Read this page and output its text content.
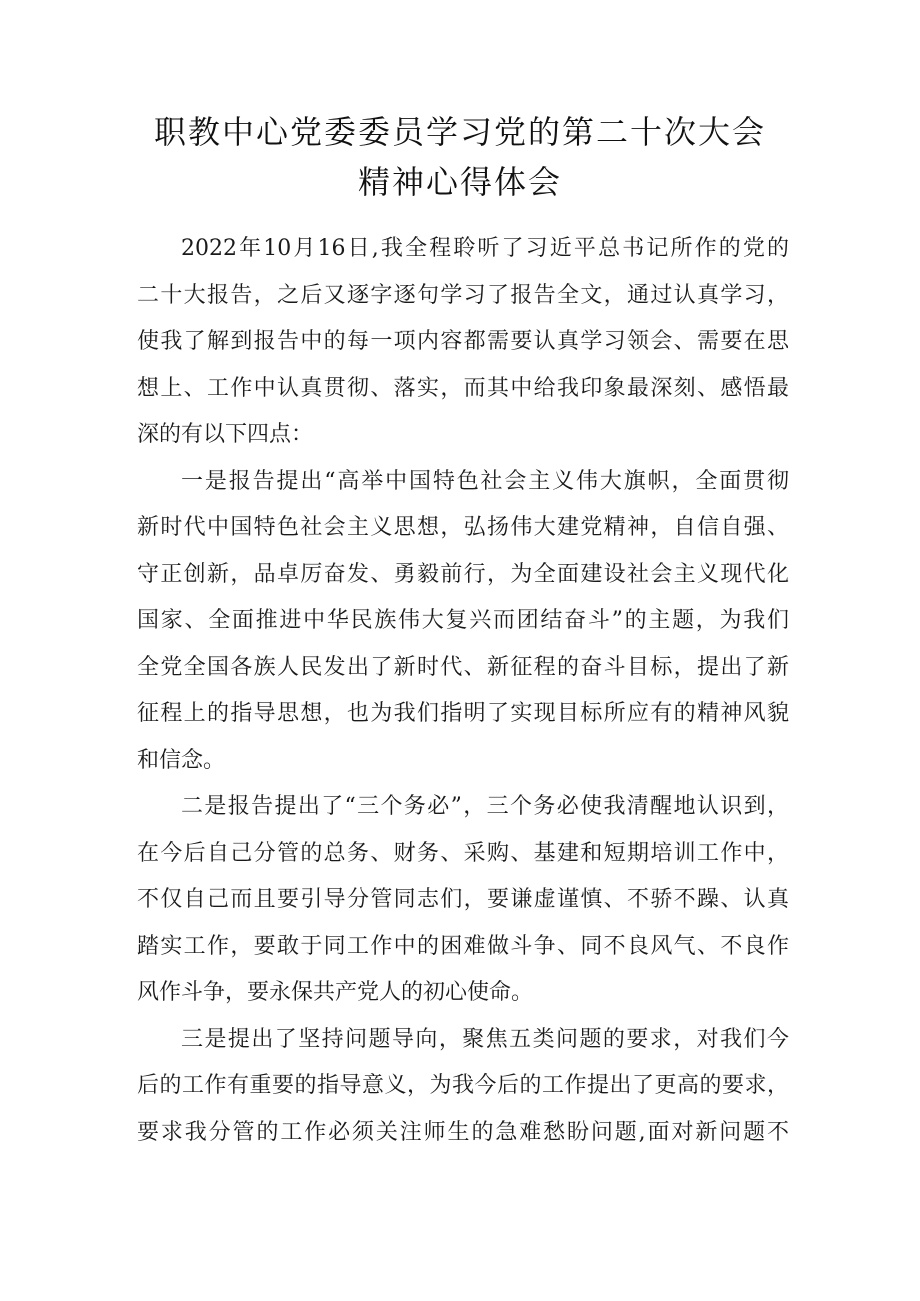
职教中心党委委员学习党的第二十次大会
精神心得体会
2022年10月16日,我全程聆听了习近平总书记所作的党的
二十大报告，之后又逐字逐句学习了报告全文，通过认真学习，
使我了解到报告中的每一项内容都需要认真学习领会、需要在思
想上、工作中认真贯彻、落实，而其中给我印象最深刻、感悟最
深的有以下四点：
一是报告提出“高举中国特色社会主义伟大旗帜，全面贯彻
新时代中国特色社会主义思想，弘扬伟大建党精神，自信自强、
守正创新，品卓厉奋发、勇毅前行，为全面建设社会主义现代化
国家、全面推进中华民族伟大复兴而团结奋斗”的主题，为我们
全党全国各族人民发出了新时代、新征程的奋斗目标，提出了新
征程上的指导思想，也为我们指明了实现目标所应有的精神风貌
和信念。
二是报告提出了“三个务必”，三个务必使我清醒地认识到，
在今后自己分管的总务、财务、采购、基建和短期培训工作中，
不仅自己而且要引导分管同志们，要谦虚谨慎、不骄不躁、认真
踏实工作，要敢于同工作中的困难做斗争、同不良风气、不良作
风作斗争，要永保共产党人的初心使命。
三是提出了坚持问题导向，聚焦五类问题的要求，对我们今
后的工作有重要的指导意义，为我今后的工作提出了更高的要求，
要求我分管的工作必须关注师生的急难愁盼问题,面对新问题不
